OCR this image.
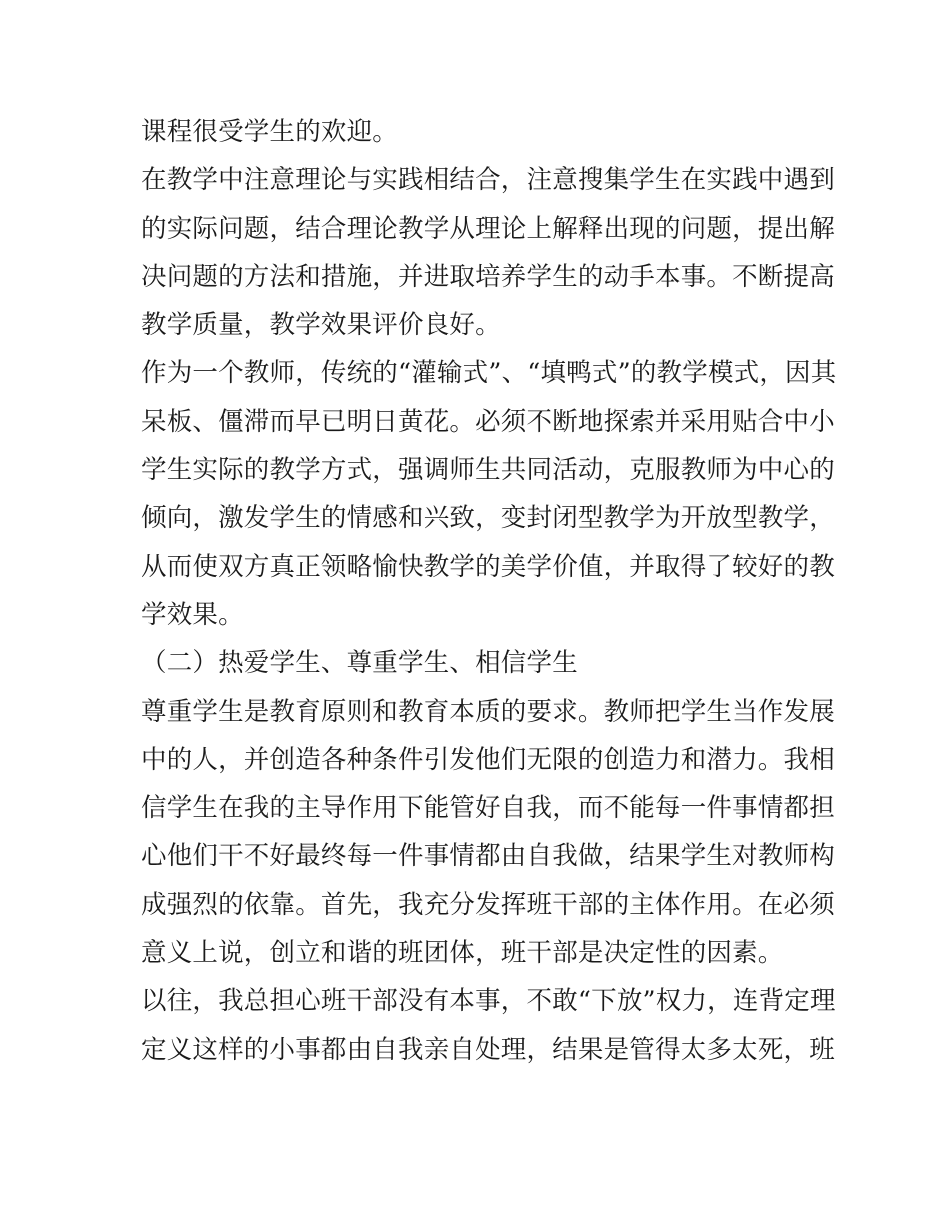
课程很受学生的欢迎。
在教学中注意理论与实践相结合，注意搜集学生在实践中遇到
的实际问题，结合理论教学从理论上解释出现的问题，提出解
决问题的方法和措施，并进取培养学生的动手本事。不断提高
教学质量，教学效果评价良好。
作为一个教师，传统的“灌输式”、“填鸭式”的教学模式，因其
呆板、僵滞而早已明日黄花。必须不断地探索并采用贴合中小
学生实际的教学方式，强调师生共同活动，克服教师为中心的
倾向，激发学生的情感和兴致，变封闭型教学为开放型教学，
从而使双方真正领略愉快教学的美学价值，并取得了较好的教
学效果。
（二）热爱学生、尊重学生、相信学生
尊重学生是教育原则和教育本质的要求。教师把学生当作发展
中的人，并创造各种条件引发他们无限的创造力和潜力。我相
信学生在我的主导作用下能管好自我，而不能每一件事情都担
心他们干不好最终每一件事情都由自我做，结果学生对教师构
成强烈的依靠。首先，我充分发挥班干部的主体作用。在必须
意义上说，创立和谐的班团体，班干部是决定性的因素。
以往，我总担心班干部没有本事，不敢“下放”权力，连背定理
定义这样的小事都由自我亲自处理，结果是管得太多太死，班
